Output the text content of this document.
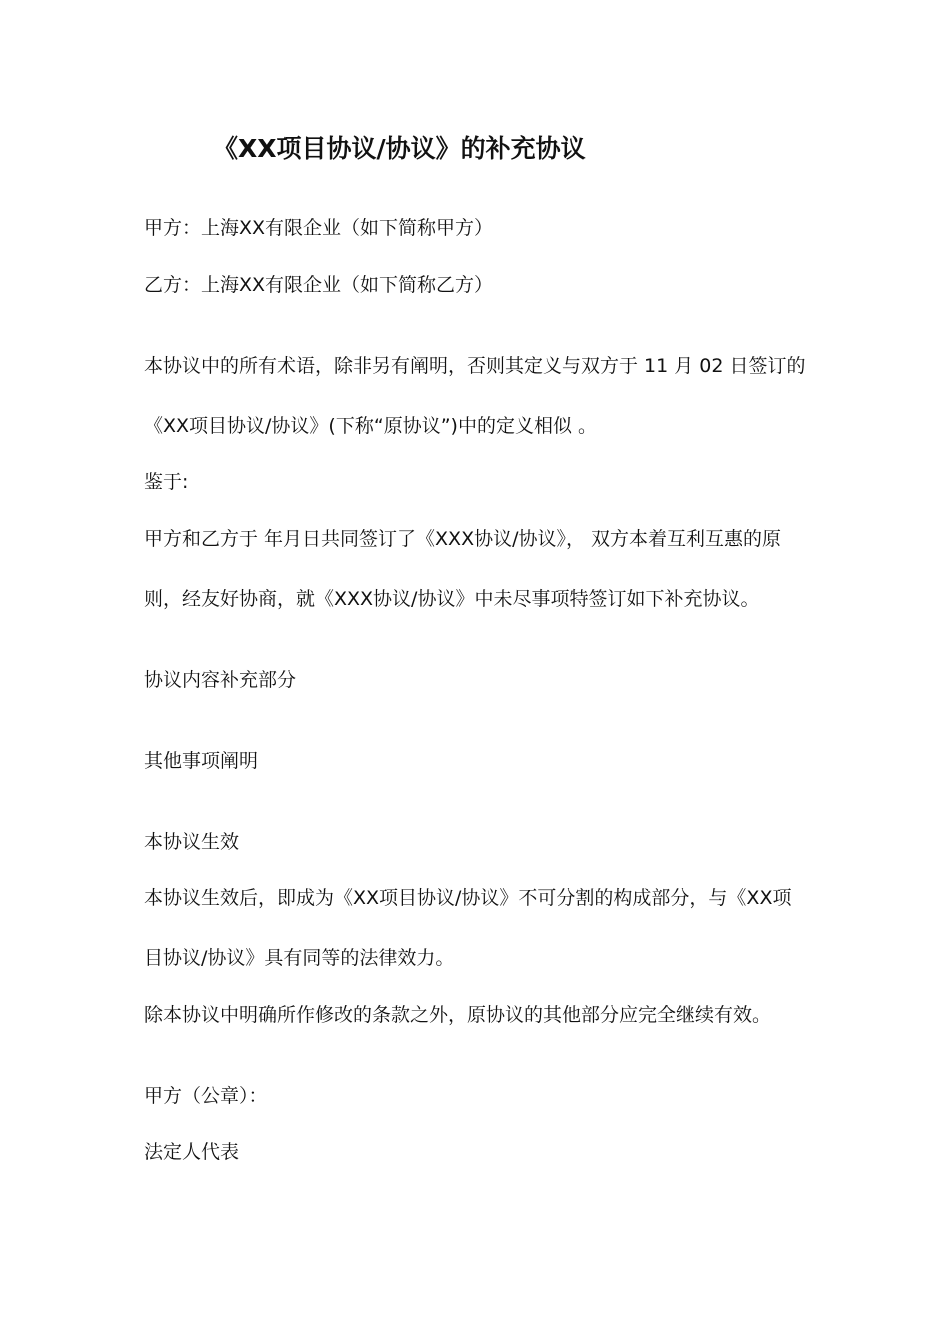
《XX项目协议/协议》的补充协议
甲方：上海XX有限企业（如下简称甲方）
乙方：上海XX有限企业（如下简称乙方）
本协议中的所有术语，除非另有阐明，否则其定义与双方于 11 月 02 日签订的
《XX项目协议/协议》(下称“原协议”)中的定义相似 。
鉴于:
甲方和乙方于 年月日共同签订了《XXX协议/协议》， 双方本着互利互惠的原
则，经友好协商，就《XXX协议/协议》中未尽事项特签订如下补充协议。
协议内容补充部分
其他事项阐明
本协议生效
本协议生效后，即成为《XX项目协议/协议》不可分割的构成部分，与《XX项
目协议/协议》具有同等的法律效力。
除本协议中明确所作修改的条款之外，原协议的其他部分应完全继续有效。
甲方（公章）：
法定人代表
